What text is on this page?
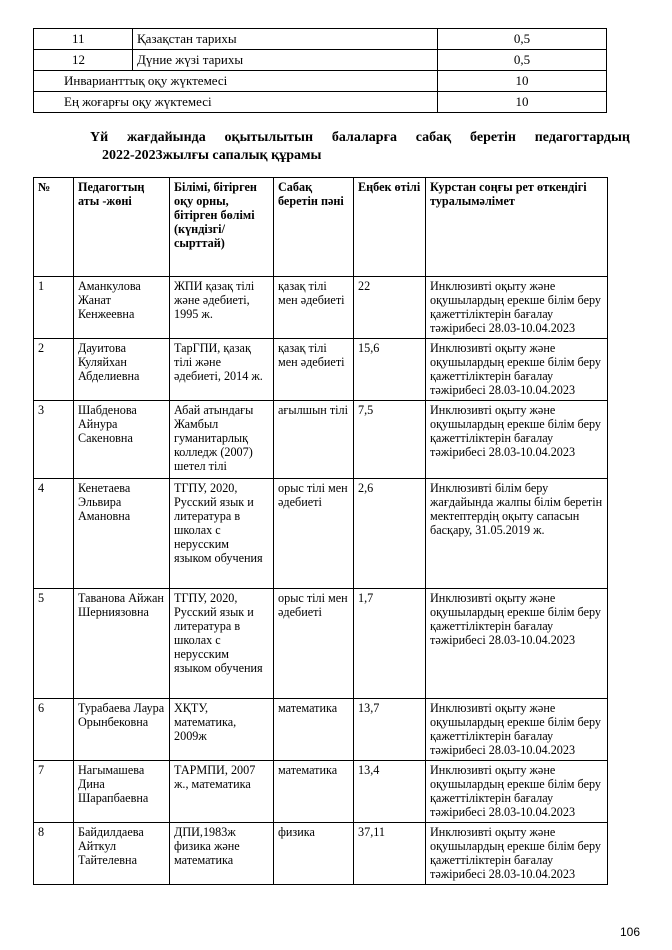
11	Қазақстан тарихы	0,5
12	Дүние жүзі тарихы	0,5
Инварианттық оқу жүктемесі		10
Ең жоғарғы оқу жүктемесі		10
Үй жағдайында оқытылытын балаларға сабақ беретін педагогтардың
2022-2023жылғы сапалық құрамы
№	Педагогтың аты -жөні	Білімі, бітірген оқу орны, бітірген бөлімі (күндізгі/ сырттай)	Сабақ беретін пәні	Еңбек өтілі	Курстан соңғы рет өткендігі туралымәлімет
1	Аманкулова Жанат Кенжеевна	ЖПИ қазақ тілі және әдебиеті, 1995 ж.	қазақ тілі мен әдебиеті	22	Инклюзивті оқыту және оқушылардың ерекше білім беру қажеттіліктерін бағалау тәжірибесі 28.03-10.04.2023
2	Дауитова Куляйхан Абделиевна	ТарГПИ, қазақ тілі және әдебиеті, 2014 ж.	қазақ тілі мен әдебиеті	15,6	Инклюзивті оқыту және оқушылардың ерекше білім беру қажеттіліктерін бағалау тәжірибесі 28.03-10.04.2023
3	Шабденова Айнура Сакеновна	Абай атындағы Жамбыл гуманитарлық колледж (2007) шетел тілі	ағылшын тілі	7,5	Инклюзивті оқыту және оқушылардың ерекше білім беру қажеттіліктерін бағалау тәжірибесі 28.03-10.04.2023
4	Кенетаева Эльвира Амановна	ТГПУ, 2020, Русский язык и литература в школах с нерусским языком обучения	орыс тілі мен әдебиеті	2,6	Инклюзивті білім беру жағдайында жалпы білім беретін мектептердің оқыту сапасын басқару, 31.05.2019 ж.
5	Таванова Айжан Шерниязовна	ТГПУ, 2020, Русский язык и литература в школах с нерусским языком обучения	орыс тілі мен әдебиеті	1,7	Инклюзивті оқыту және оқушылардың ерекше білім беру қажеттіліктерін бағалау тәжірибесі 28.03-10.04.2023
6	Турабаева Лаура Орынбековна	ХҚТУ, математика, 2009ж	математика	13,7	Инклюзивті оқыту және оқушылардың ерекше білім беру қажеттіліктерін бағалау тәжірибесі 28.03-10.04.2023
7	Нагымашева Дина Шарапбаевна	ТАРМПИ, 2007 ж., математика	математика	13,4	Инклюзивті оқыту және оқушылардың ерекше білім беру қажеттіліктерін бағалау тәжірибесі 28.03-10.04.2023
8	Байдилдаева Айткул Тайтелевна	ДПИ,1983ж физика және математика	физика	37,11	Инклюзивті оқыту және оқушылардың ерекше білім беру қажеттіліктерін бағалау тәжірибесі 28.03-10.04.2023
106
